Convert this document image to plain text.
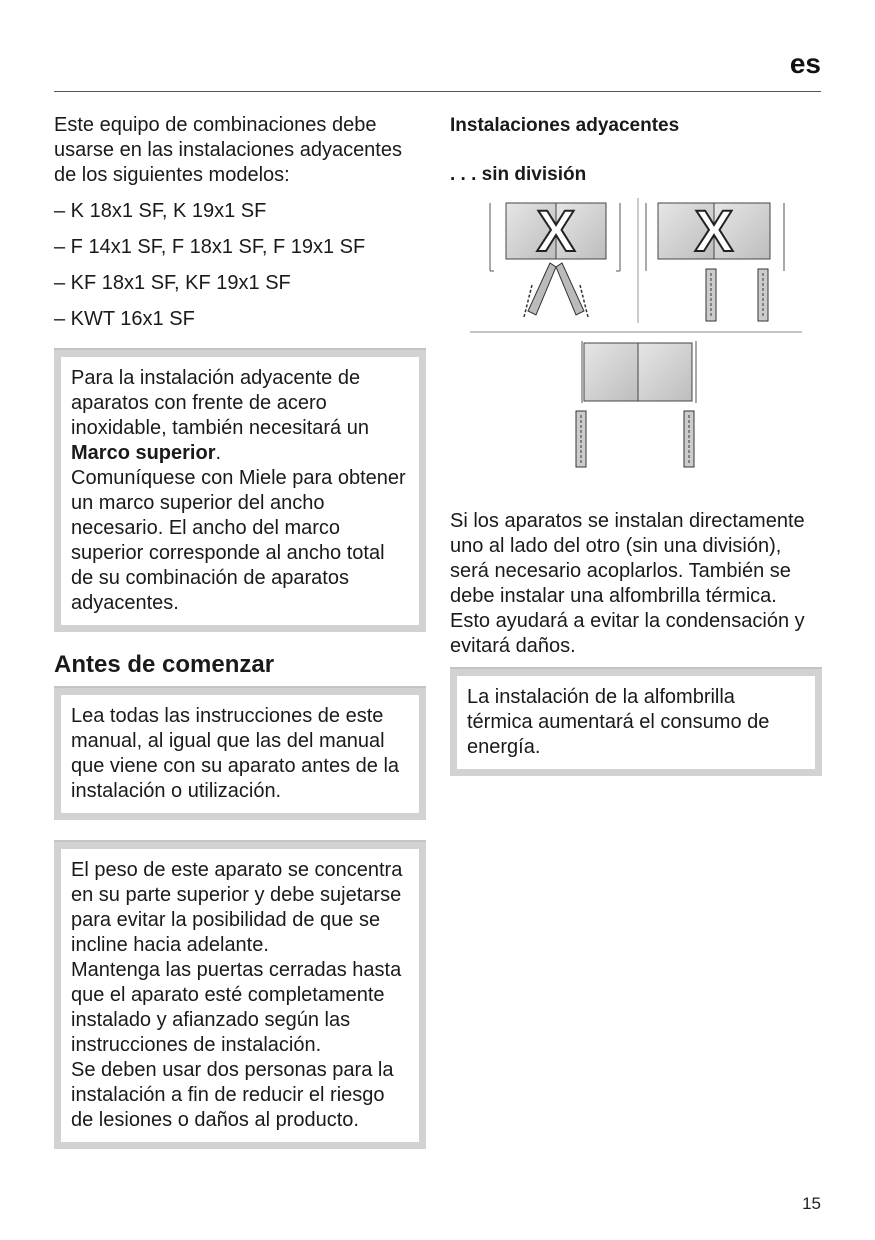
es

Este equipo de combinaciones debe usarse en las instalaciones adyacentes de los siguientes modelos:

– K 18x1 SF, K 19x1 SF

– F 14x1 SF, F 18x1 SF, F 19x1 SF

– KF 18x1 SF, KF 19x1 SF

– KWT 16x1 SF

Para la instalación adyacente de aparatos con frente de acero inoxidable, también necesitará un Marco superior.

Comuníquese con Miele para obtener un marco superior del ancho necesario. El ancho del marco superior corresponde al ancho total de su combinación de aparatos adyacentes.

Antes de comenzar

Lea todas las instrucciones de este manual, al igual que las del manual que viene con su aparato antes de la instalación o utilización.

El peso de este aparato se concentra en su parte superior y debe sujetarse para evitar la posibilidad de que se incline hacia adelante.

Mantenga las puertas cerradas hasta que el aparato esté completamente instalado y afianzado según las instrucciones de instalación.

Se deben usar dos personas para la instalación a fin de reducir el riesgo de lesiones o daños al producto.

Instalaciones adyacentes
. . . sin división
X X

Si los aparatos se instalan directamente uno al lado del otro (sin una división), será necesario acoplarlos. También se debe instalar una alfombrilla térmica. Esto ayudará a evitar la condensación y evitará daños.

La instalación de la alfombrilla térmica aumentará el consumo de energía.

15
